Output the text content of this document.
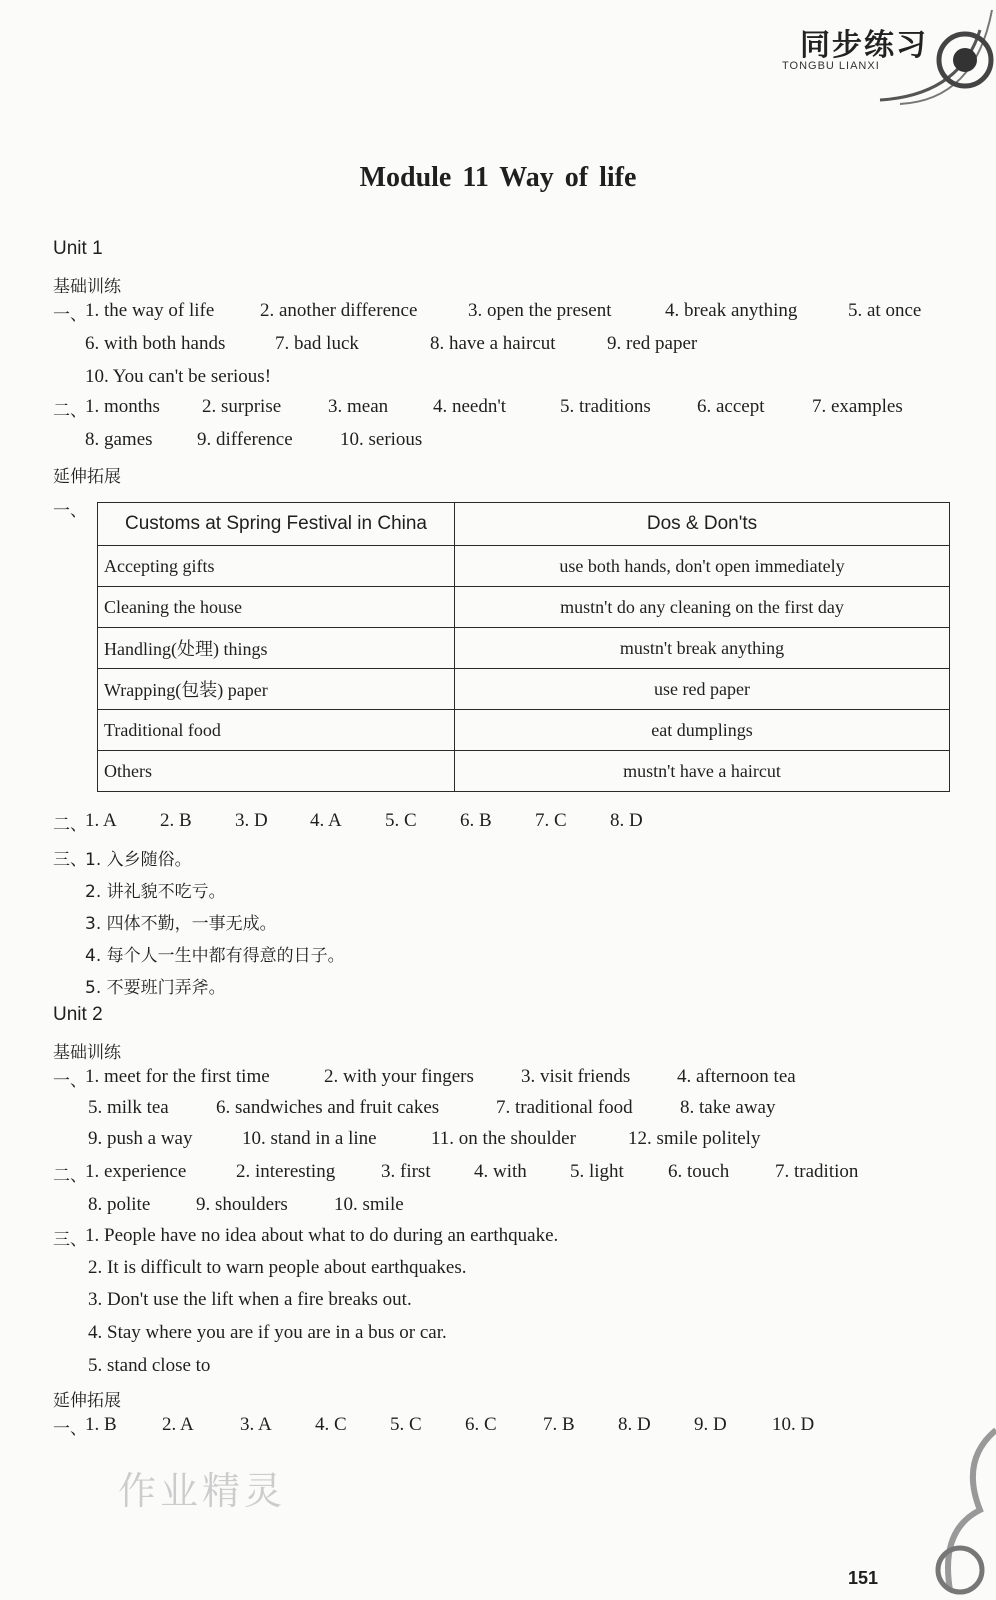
同步练习
TONGBU LIANXI
Module 11 Way of life
Unit 1
基础训练
一、
1. the way of life 2. another difference	3. open the present	4. break anything	5. at once
6. with both hands	7. bad luck	8. have a haircut	9. red paper
10. You can't be serious!
二、
1. months 2. surprise 3. mean 4. needn't	5. traditions 6. accept 7. examples
8. games 9. difference 10. serious
延伸拓展
一、
Customs at Spring Festival in China	Dos & Don'ts
Accepting gifts	use both hands, don't open immediately
Cleaning the house	mustn't do any cleaning on the first day
Handling(处理) things	mustn't break anything
Wrapping(包装) paper	use red paper
Traditional food	eat dumplings
Others	mustn't have a haircut
二、
1. A 2. B 3. D 4. A 5. C 6. B 7. C 8. D
三、
1. 入乡随俗。
2. 讲礼貌不吃亏。
3. 四体不勤，一事无成。
4. 每个人一生中都有得意的日子。
5. 不要班门弄斧。
Unit 2
基础训练
一、
1. meet for the first time	2. with your fingers 3. visit friends 4. afternoon tea
5. milk tea 6. sandwiches and fruit cakes	7. traditional food 8. take away
9. push a way	10. stand in a line	11. on the shoulder	12. smile politely
二、
1. experience	2. interesting 3. first 4. with 5. light 6. touch 7. tradition
8. polite 9. shoulders 10. smile
三、
1. People have no idea about what to do during an earthquake.
2. It is difficult to warn people about earthquakes.
3. Don't use the lift when a fire breaks out.
4. Stay where you are if you are in a bus or car.
5. stand close to
延伸拓展
一、
1. B 2. A 3. A 4. C 5. C 6. C 7. B 8. D 9. D 10. D
作业精灵
151
